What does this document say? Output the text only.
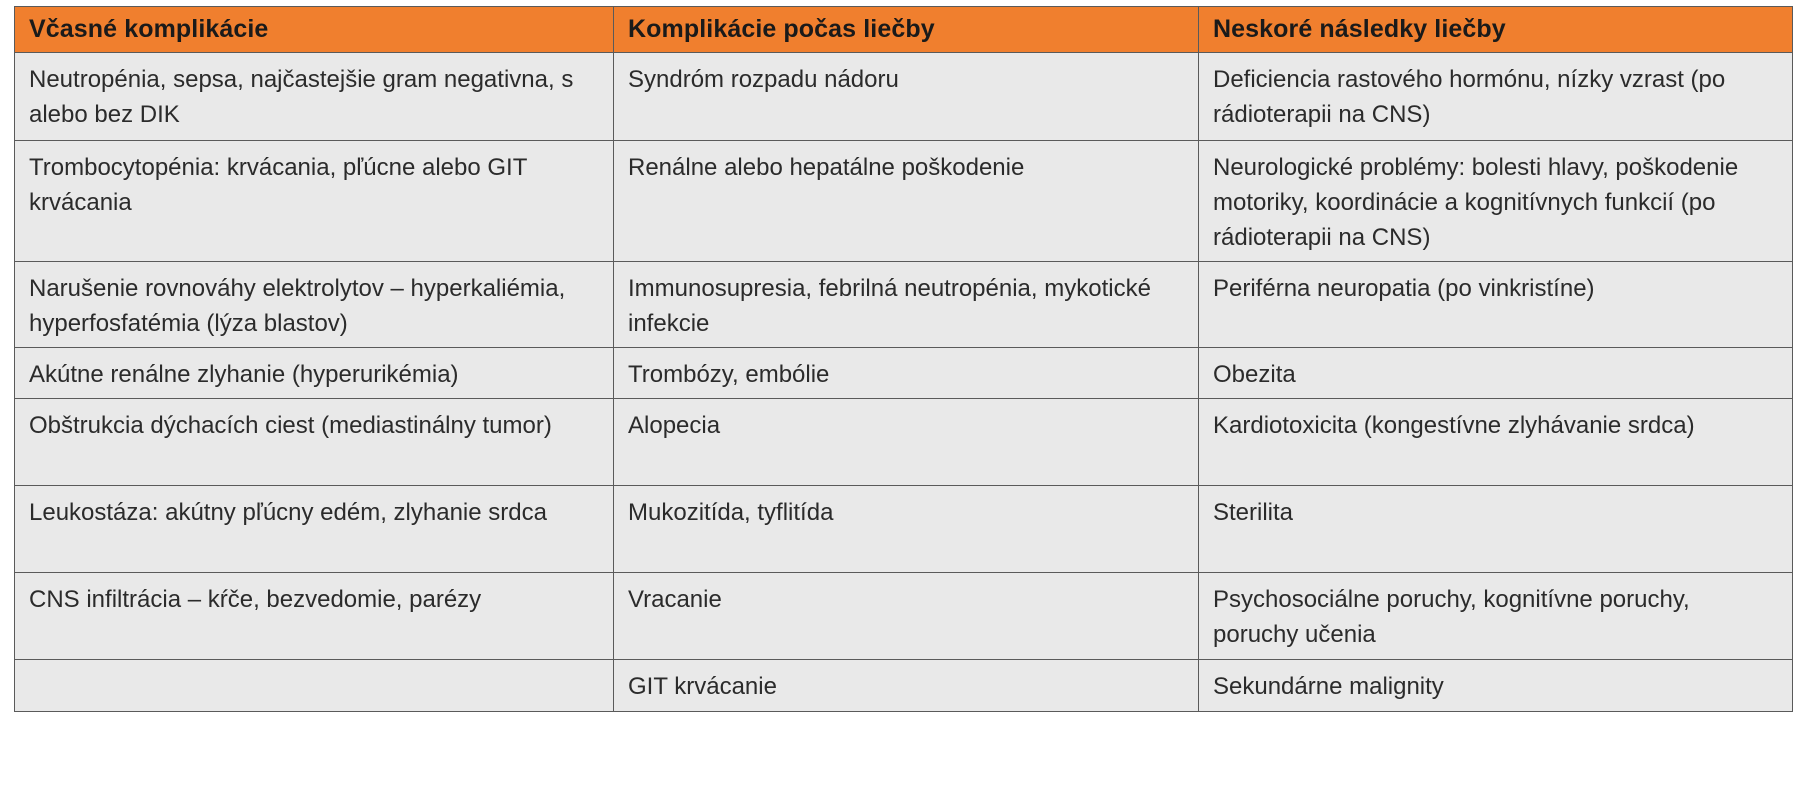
Včasné komplikácie	Komplikácie počas liečby	Neskoré následky liečby
Neutropénia, sepsa, najčastejšie gram negativna, s alebo bez DIK	Syndróm rozpadu nádoru	Deficiencia rastového hormónu, nízky vzrast (po rádioterapii na CNS)
Trombocytopénia: krvácania, pľúcne alebo GIT krvácania	Renálne alebo hepatálne poškodenie	Neurologické problémy: bolesti hlavy, poškodenie motoriky, koordinácie a kognitívnych funkcií (po rádioterapii na CNS)
Narušenie rovnováhy elektrolytov – hyperkaliémia, hyperfosfatémia (lýza blastov)	Immunosupresia, febrilná neutropénia, mykotické infekcie	Periférna neuropatia (po vinkristíne)
Akútne renálne zlyhanie (hyperurikémia)	Trombózy, embólie	Obezita
Obštrukcia dýchacích ciest (mediastinálny tumor)	Alopecia	Kardiotoxicita (kongestívne zlyhávanie srdca)
Leukostáza: akútny pľúcny edém, zlyhanie srdca	Mukozitída, tyflitída	Sterilita
CNS infiltrácia – kŕče, bezvedomie, parézy	Vracanie	Psychosociálne poruchy, kognitívne poruchy, poruchy učenia
	GIT krvácanie	Sekundárne malignity
